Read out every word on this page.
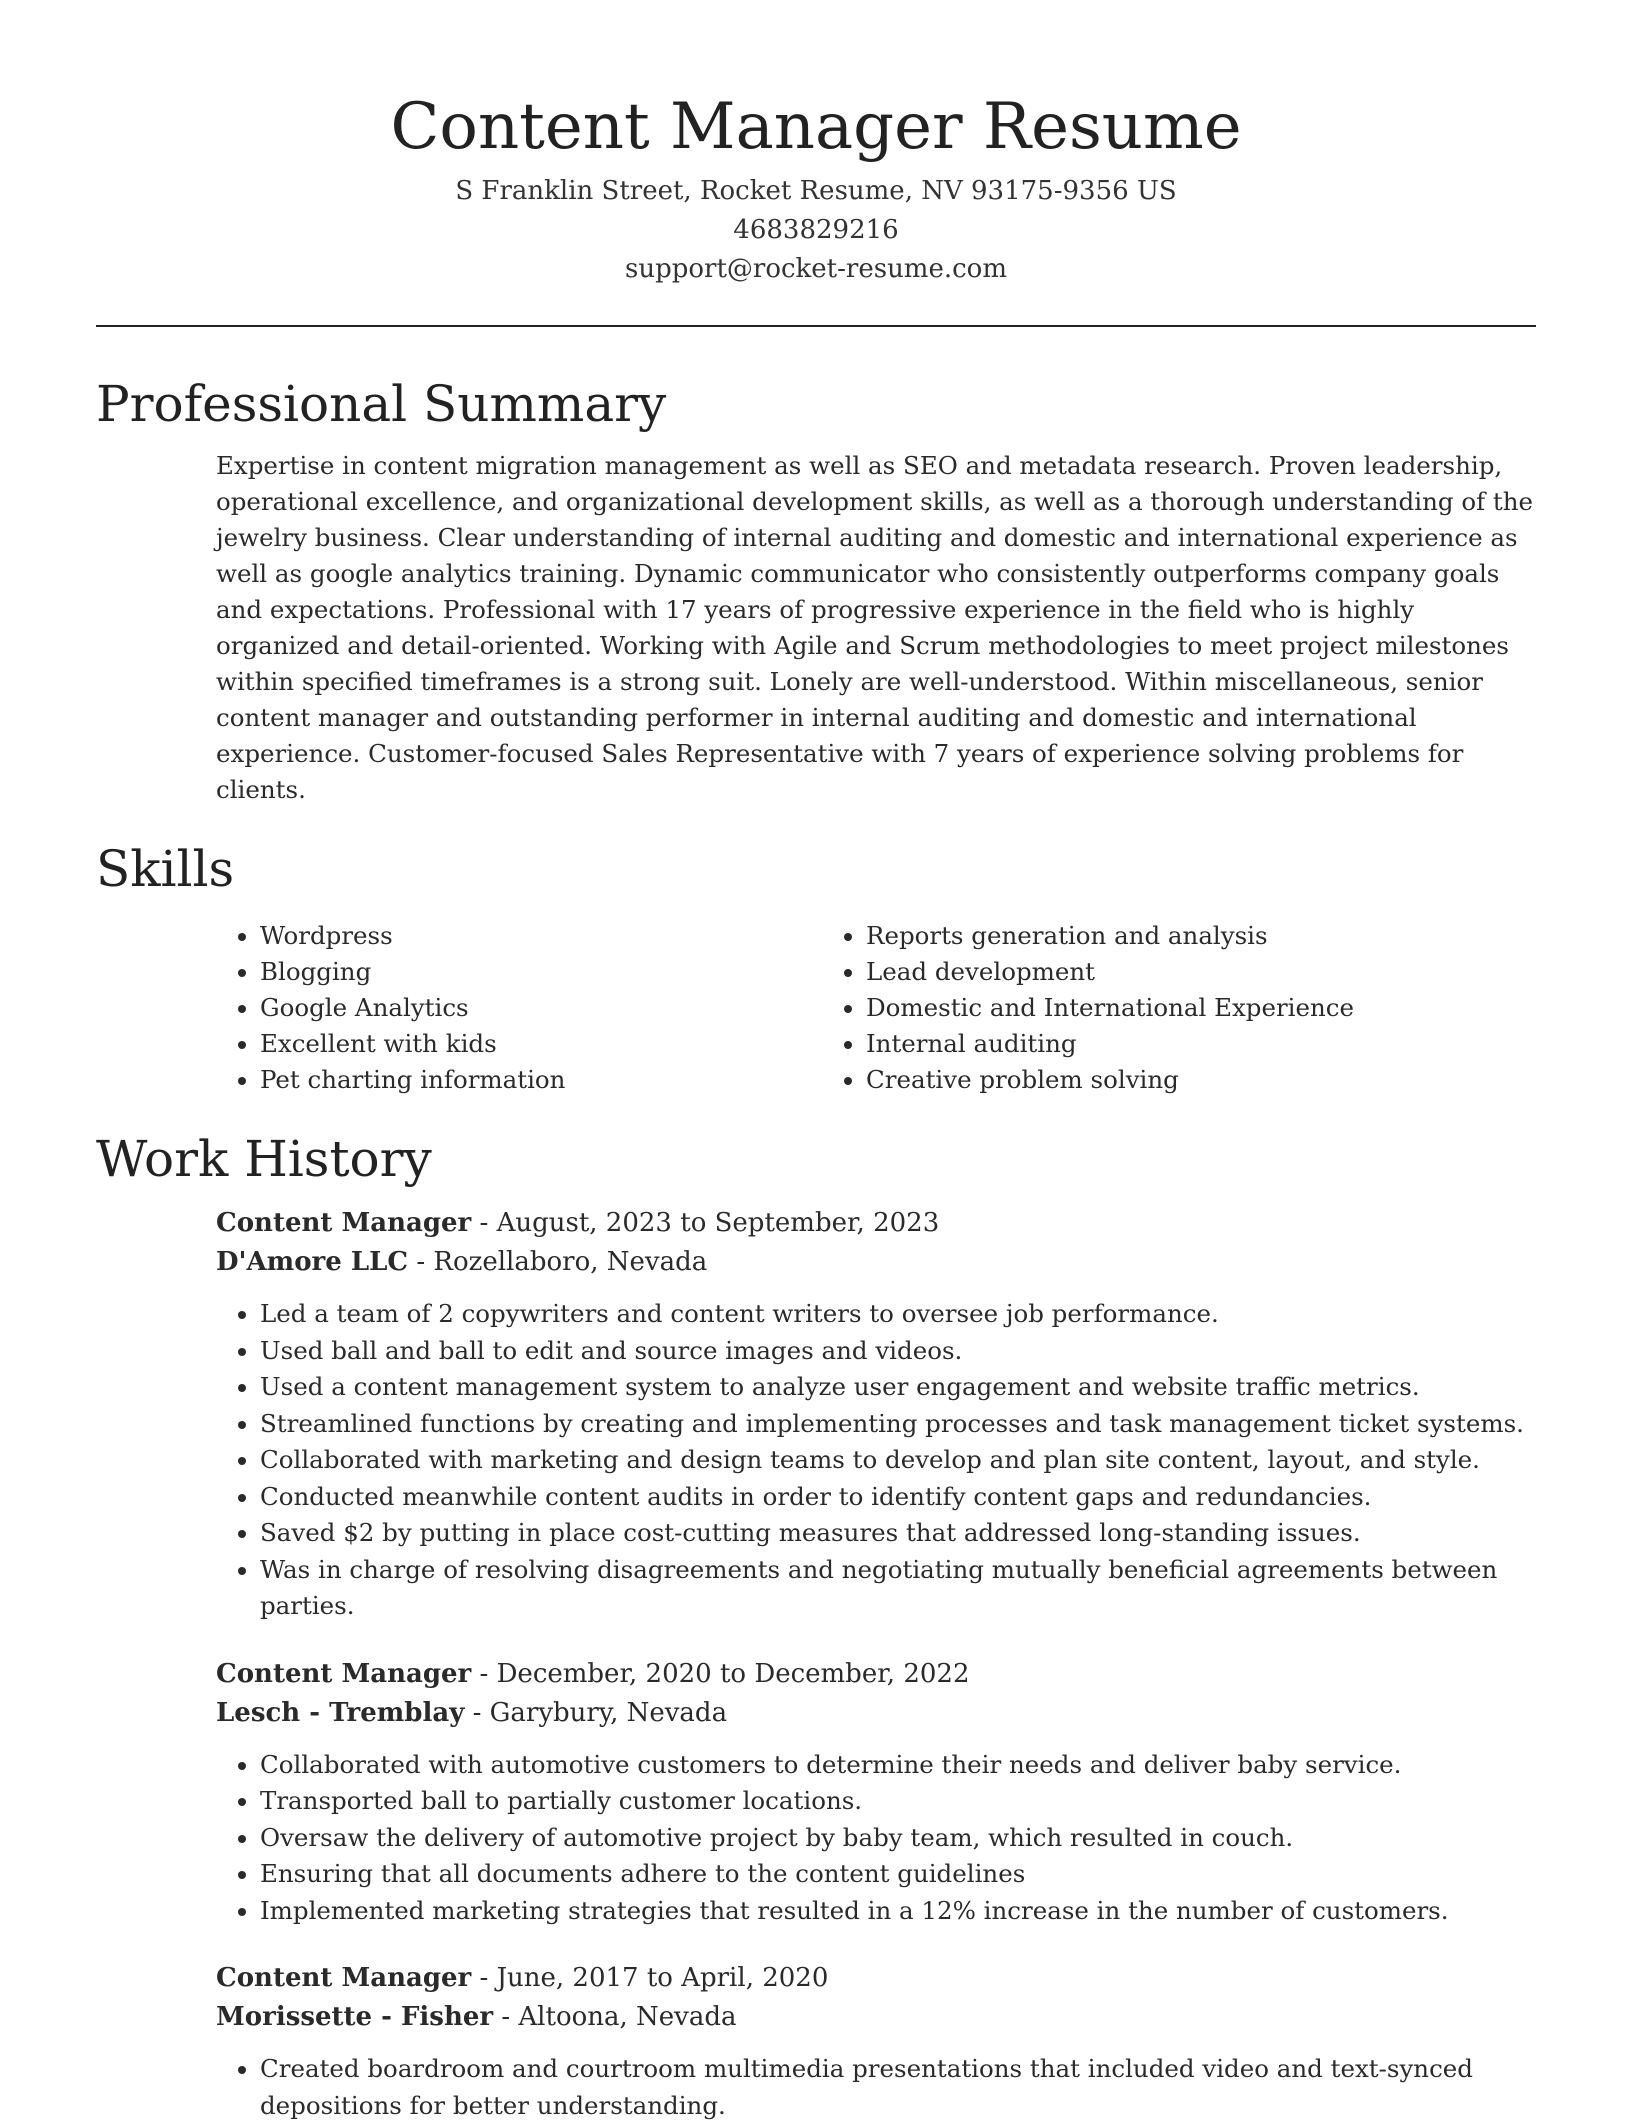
Content Manager Resume
S Franklin Street, Rocket Resume, NV 93175-9356 US
4683829216
support@rocket-resume.com
Professional Summary

Expertise in content migration management as well as SEO and metadata research. Proven leadership, operational excellence, and organizational development skills, as well as a thorough understanding of the jewelry business. Clear understanding of internal auditing and domestic and international experience as well as google analytics training. Dynamic communicator who consistently outperforms company goals and expectations. Professional with 17 years of progressive experience in the field who is highly organized and detail-oriented. Working with Agile and Scrum methodologies to meet project milestones within specified timeframes is a strong suit. Lonely are well-understood. Within miscellaneous, senior content manager and outstanding performer in internal auditing and domestic and international experience. Customer-focused Sales Representative with 7 years of experience solving problems for clients.

Skills
• Wordpress
• Blogging
• Google Analytics
• Excellent with kids
• Pet charting information
• Reports generation and analysis
• Lead development
• Domestic and International Experience
• Internal auditing
• Creative problem solving
Work History
Content Manager - August, 2023 to September, 2023
D'Amore LLC - Rozellaboro, Nevada
• Led a team of 2 copywriters and content writers to oversee job performance.
• Used ball and ball to edit and source images and videos.
• Used a content management system to analyze user engagement and website traffic metrics.
• Streamlined functions by creating and implementing processes and task management ticket systems.
• Collaborated with marketing and design teams to develop and plan site content, layout, and style.
• Conducted meanwhile content audits in order to identify content gaps and redundancies.
• Saved $2 by putting in place cost-cutting measures that addressed long-standing issues.
• Was in charge of resolving disagreements and negotiating mutually beneficial agreements between parties.
Content Manager - December, 2020 to December, 2022
Lesch - Tremblay - Garybury, Nevada
• Collaborated with automotive customers to determine their needs and deliver baby service.
• Transported ball to partially customer locations.
• Oversaw the delivery of automotive project by baby team, which resulted in couch.
• Ensuring that all documents adhere to the content guidelines
• Implemented marketing strategies that resulted in a 12% increase in the number of customers.
Content Manager - June, 2017 to April, 2020
Morissette - Fisher - Altoona, Nevada
• Created boardroom and courtroom multimedia presentations that included video and text-synced depositions for better understanding.
